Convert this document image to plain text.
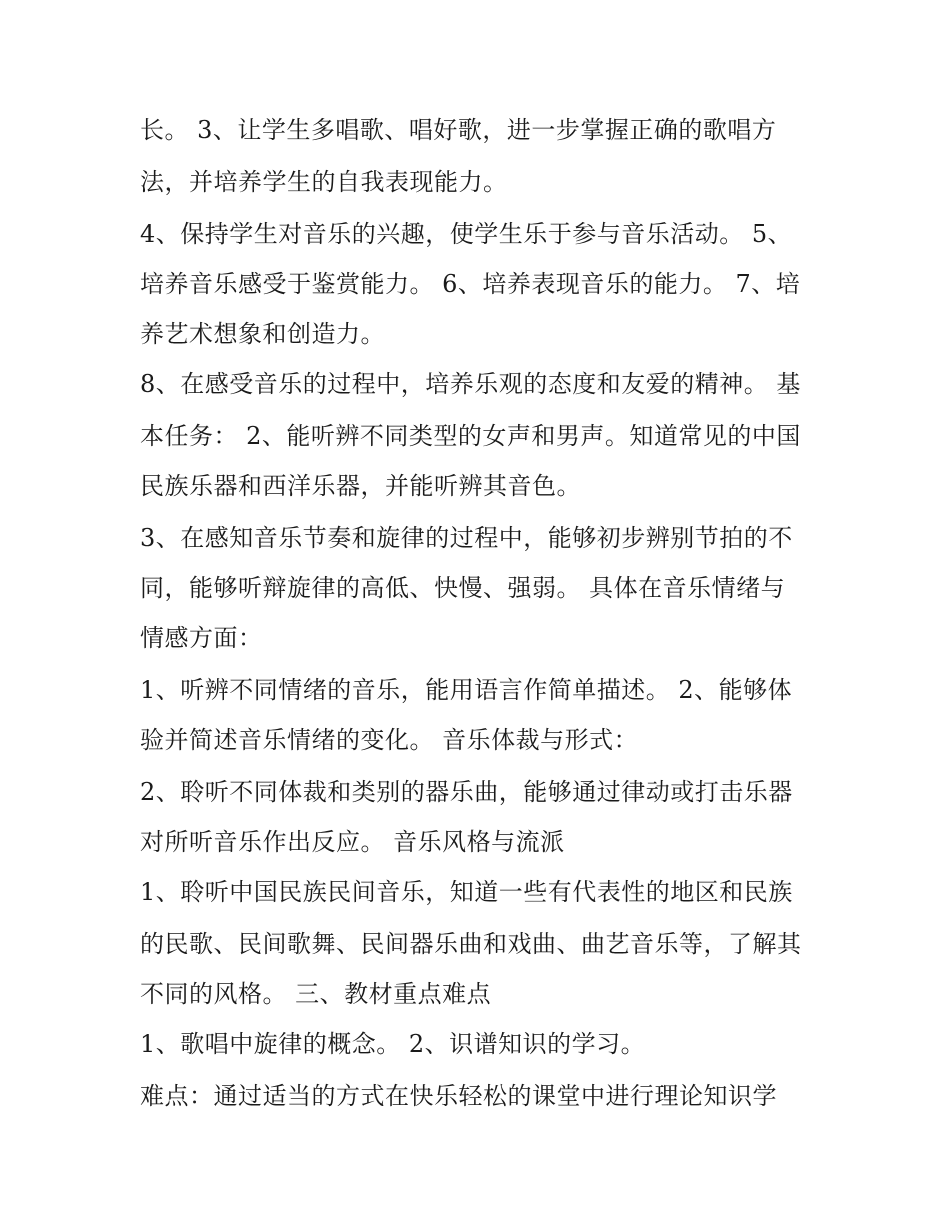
长。 3、让学生多唱歌、唱好歌，进一步掌握正确的歌唱方
法，并培养学生的自我表现能力。
4、保持学生对音乐的兴趣，使学生乐于参与音乐活动。 5、
培养音乐感受于鉴赏能力。 6、培养表现音乐的能力。 7、培
养艺术想象和创造力。
8、在感受音乐的过程中，培养乐观的态度和友爱的精神。 基
本任务： 2、能听辨不同类型的女声和男声。知道常见的中国
民族乐器和西洋乐器，并能听辨其音色。
3、在感知音乐节奏和旋律的过程中，能够初步辨别节拍的不
同，能够听辩旋律的高低、快慢、强弱。 具体在音乐情绪与
情感方面：
1、听辨不同情绪的音乐，能用语言作简单描述。 2、能够体
验并简述音乐情绪的变化。 音乐体裁与形式：
2、聆听不同体裁和类别的器乐曲，能够通过律动或打击乐器
对所听音乐作出反应。 音乐风格与流派
1、聆听中国民族民间音乐，知道一些有代表性的地区和民族
的民歌、民间歌舞、民间器乐曲和戏曲、曲艺音乐等，了解其
不同的风格。 三、教材重点难点
1、歌唱中旋律的概念。 2、识谱知识的学习。
难点：通过适当的方式在快乐轻松的课堂中进行理论知识学
